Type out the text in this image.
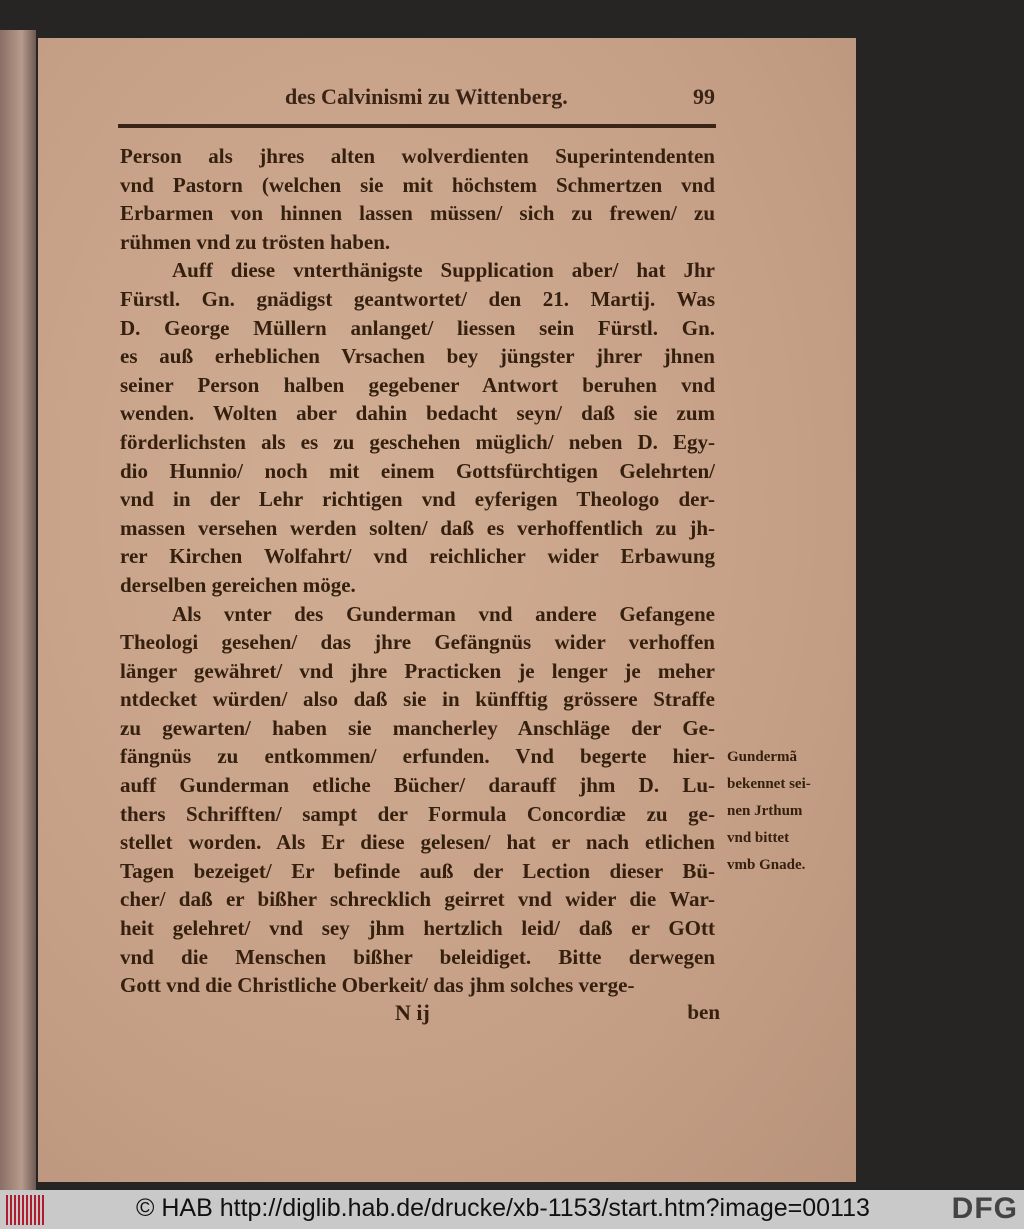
des Calvinismi zu Wittenberg.	99
Person als jhres alten wolverdienten Superintendenten
vnd Pastorn (welchen sie mit höchstem Schmertzen vnd
Erbarmen von hinnen lassen müssen/ sich zu frewen/ zu
rühmen vnd zu trösten haben.
Auff diese vnterthänigste Supplication aber/ hat Jhr
Fürstl. Gn. gnädigst geantwortet/ den 21. Martij. Was
D. George Müllern anlanget/ liessen sein Fürstl. Gn.
es auß erheblichen Vrsachen bey jüngster jhrer jhnen
seiner Person halben gegebener Antwort beruhen vnd
wenden. Wolten aber dahin bedacht seyn/ daß sie zum
förderlichsten als es zu geschehen müglich/ neben D. Egy-
dio Hunnio/ noch mit einem Gottsfürchtigen Gelehrten/
vnd in der Lehr richtigen vnd eyferigen Theologo der-
massen versehen werden solten/ daß es verhoffentlich zu jh-
rer Kirchen Wolfahrt/ vnd reichlicher wider Erbawung
derselben gereichen möge.
Als vnter des Gunderman vnd andere Gefangene
Theologi gesehen/ das jhre Gefängnüs wider verhoffen
länger gewähret/ vnd jhre Practicken je lenger je meher
ntdecket würden/ also daß sie in künfftig grössere Straffe
zu gewarten/ haben sie mancherley Anschläge der Ge-
fängnüs zu entkommen/ erfunden. Vnd begerte hier-
auff Gunderman etliche Bücher/ darauff jhm D. Lu-
thers Schrifften/ sampt der Formula Concordiæ zu ge-
stellet worden. Als Er diese gelesen/ hat er nach etlichen
Tagen bezeiget/ Er befinde auß der Lection dieser Bü-
cher/ daß er bißher schrecklich geirret vnd wider die War-
heit gelehret/ vnd sey jhm hertzlich leid/ daß er GOtt
vnd die Menschen bißher beleidiget. Bitte derwegen
Gott vnd die Christliche Oberkeit/ das jhm solches verge-
Gundermã
bekennet sei-
nen Jrthum
vnd bittet
vmb Gnade.
N ij	ben
© HAB http://diglib.hab.de/drucke/xb-1153/start.htm?image=00113	DFG
